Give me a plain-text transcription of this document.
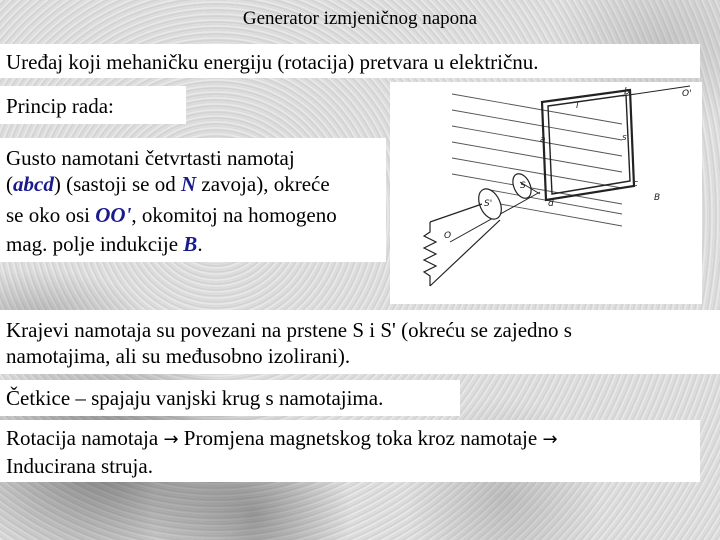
Generator izmjeničnog napona
Uređaj koji mehaničku energiju (rotacija) pretvara u električnu.
Princip rada:
Gusto namotani četvrtasti namotaj
(abcd) (sastoji se od N zavoja), okreće
se oko osi OO', okomitoj na homogeno
mag. polje indukcije B.
O'
b
c
a
d
l
s
S
S'
B
O
Krajevi namotaja su povezani na prstene S i S' (okreću se zajedno s
namotajima, ali su međusobno izolirani).
Četkice – spajaju vanjski krug s namotajima.
Rotacija namotaja → Promjena magnetskog toka kroz namotaje →
Inducirana struja.
